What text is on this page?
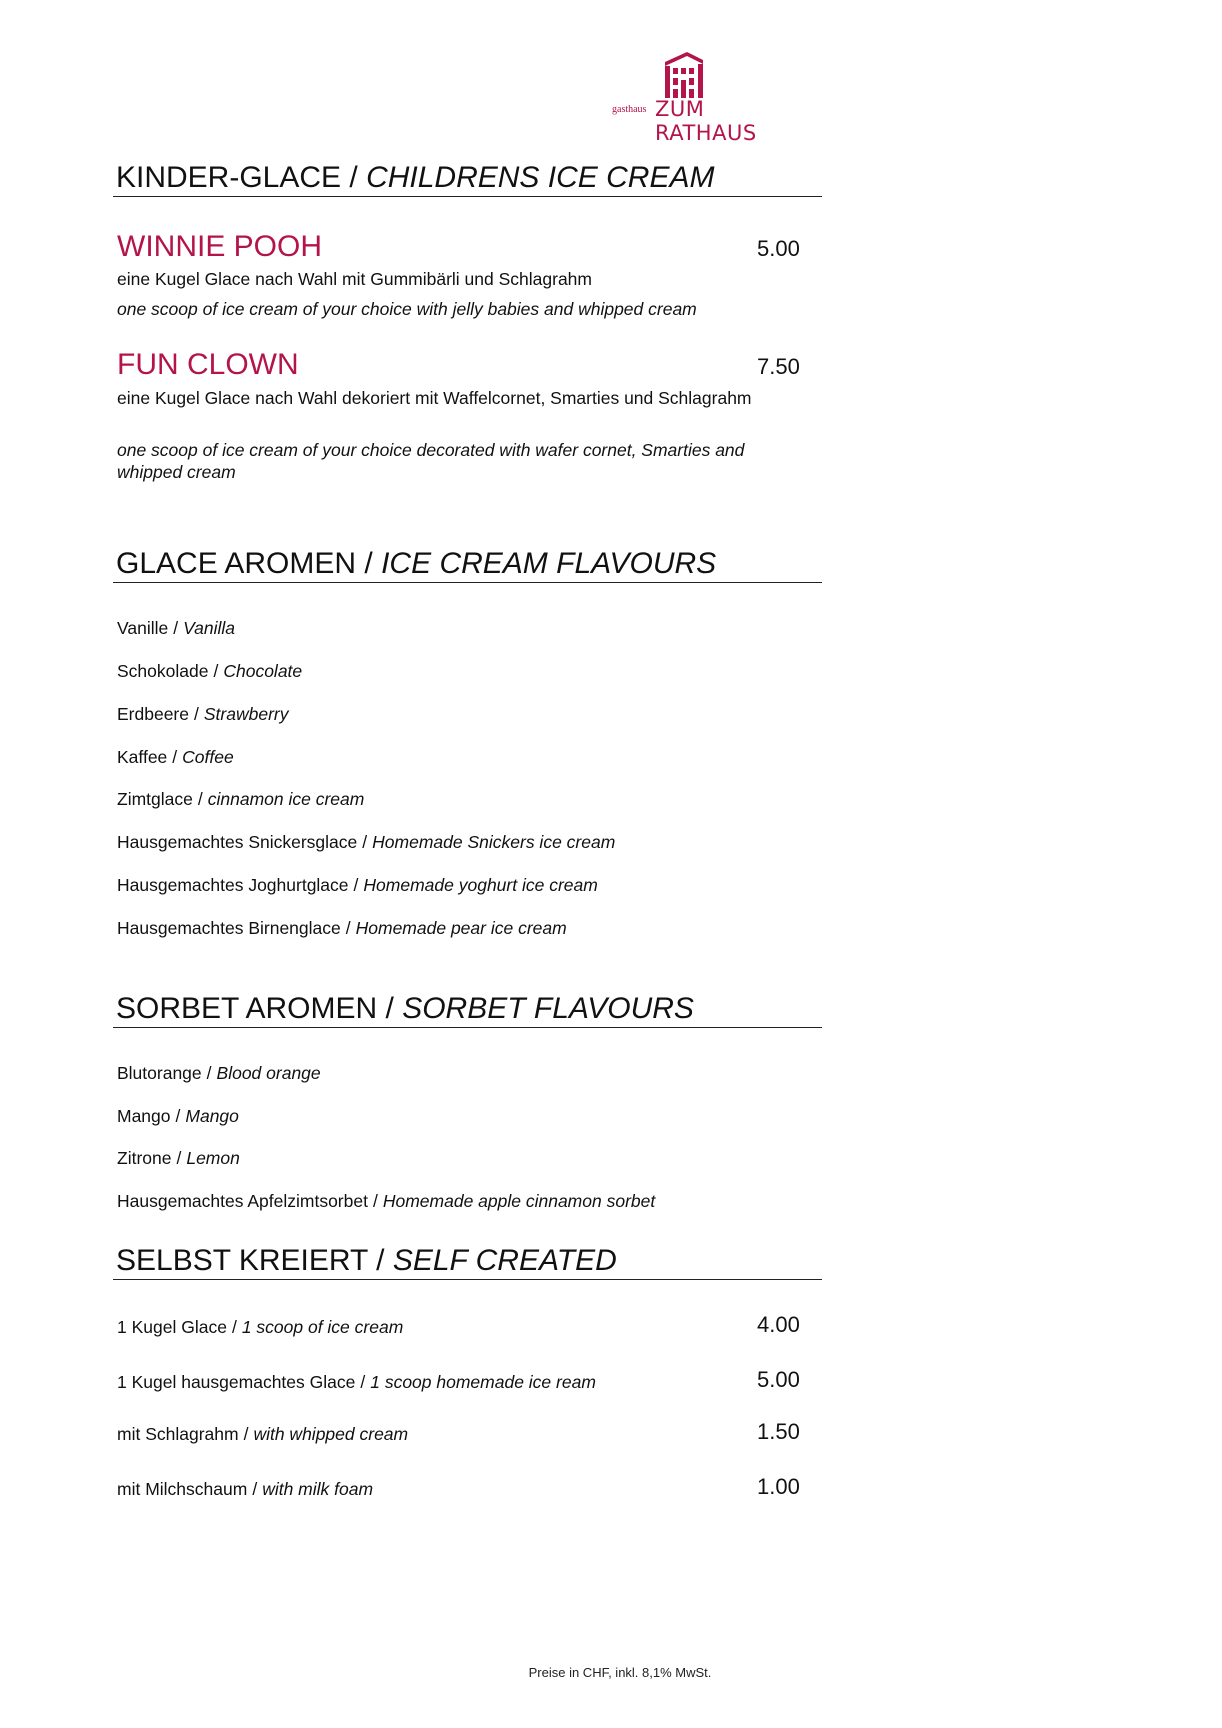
gasthaus ZUM RATHAUS
KINDER-GLACE / CHILDRENS ICE CREAM
WINNIE POOH	5.00
eine Kugel Glace nach Wahl mit Gummibärli und Schlagrahm
one scoop of ice cream of your choice with jelly babies and whipped cream
FUN CLOWN	7.50
eine Kugel Glace nach Wahl dekoriert mit Waffelcornet, Smarties und Schlagrahm
one scoop of ice cream of your choice decorated with wafer cornet, Smarties and whipped cream
GLACE AROMEN / ICE CREAM FLAVOURS
Vanille / Vanilla
Schokolade / Chocolate
Erdbeere / Strawberry
Kaffee / Coffee
Zimtglace / cinnamon ice cream
Hausgemachtes Snickersglace / Homemade Snickers ice cream
Hausgemachtes Joghurtglace / Homemade yoghurt ice cream
Hausgemachtes Birnenglace / Homemade pear ice cream
SORBET AROMEN / SORBET FLAVOURS
Blutorange / Blood orange
Mango / Mango
Zitrone / Lemon
Hausgemachtes Apfelzimtsorbet / Homemade apple cinnamon sorbet
SELBST KREIERT / SELF CREATED
1 Kugel Glace / 1 scoop of ice cream	4.00
1 Kugel hausgemachtes Glace / 1 scoop homemade ice ream	5.00
mit Schlagrahm / with whipped cream	1.50
mit Milchschaum / with milk foam	1.00
Preise in CHF, inkl. 8,1% MwSt.
